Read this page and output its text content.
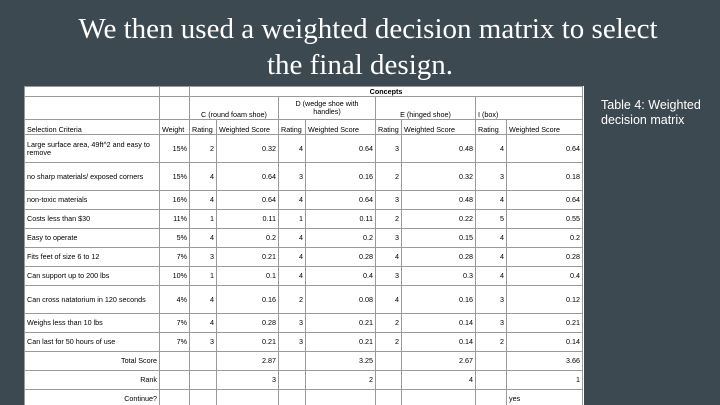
We then used a weighted decision matrix to select
the final design.
		Concepts							
		C (round foam shoe)		D (wedge shoe with handles)		E (hinged shoe)		I (box)	
Selection Criteria	Weight	Rating	Weighted Score	Rating	Weighted Score	Rating	Weighted Score	Rating	Weighted Score
Large surface area, 49ft^2 and easy to remove	15%	2	0.32	4	0.64	3	0.48	4	0.64
no sharp materials/ exposed corners	15%	4	0.64	3	0.16	2	0.32	3	0.18
non-toxic materials	16%	4	0.64	4	0.64	3	0.48	4	0.64
Costs less than $30	11%	1	0.11	1	0.11	2	0.22	5	0.55
Easy to operate	5%	4	0.2	4	0.2	3	0.15	4	0.2
Fits feet of size 6 to 12	7%	3	0.21	4	0.28	4	0.28	4	0.28
Can support up to 200 lbs	10%	1	0.1	4	0.4	3	0.3	4	0.4
Can cross natatorium in 120 seconds	4%	4	0.16	2	0.08	4	0.16	3	0.12
Weighs less than 10 lbs	7%	4	0.28	3	0.21	2	0.14	3	0.21
Can last for 50 hours of use	7%	3	0.21	3	0.21	2	0.14	2	0.14
Total Score			2.87		3.25		2.67		3.66
Rank			3		2		4		1
Continue?									yes
Table 4: Weighted decision matrix
